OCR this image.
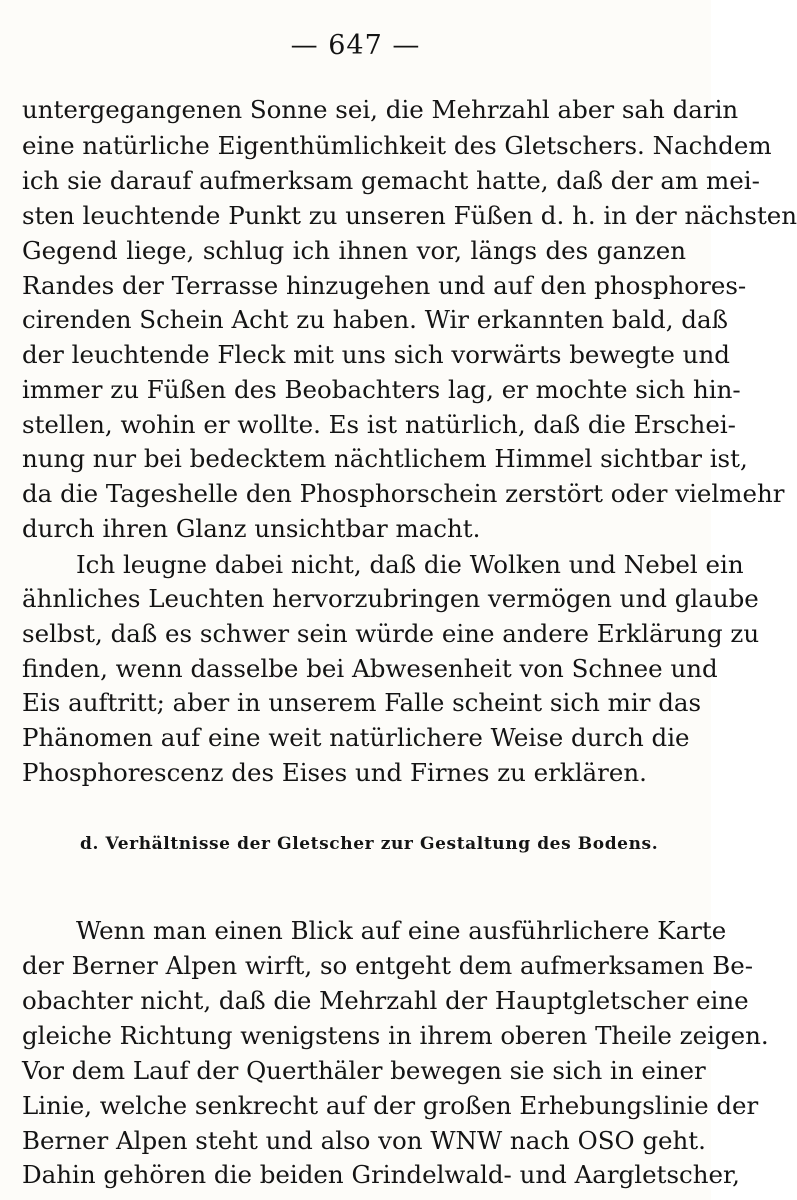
— 647 —
untergegangenen Sonne sei, die Mehrzahl aber sah darin
eine natürliche Eigenthümlichkeit des Gletschers. Nachdem
ich sie darauf aufmerksam gemacht hatte, daß der am mei-
sten leuchtende Punkt zu unseren Füßen d. h. in der nächsten
Gegend liege, schlug ich ihnen vor, längs des ganzen
Randes der Terrasse hinzugehen und auf den phosphores-
cirenden Schein Acht zu haben. Wir erkannten bald, daß
der leuchtende Fleck mit uns sich vorwärts bewegte und
immer zu Füßen des Beobachters lag, er mochte sich hin-
stellen, wohin er wollte. Es ist natürlich, daß die Erschei-
nung nur bei bedecktem nächtlichem Himmel sichtbar ist,
da die Tageshelle den Phosphorschein zerstört oder vielmehr
durch ihren Glanz unsichtbar macht.
Ich leugne dabei nicht, daß die Wolken und Nebel ein
ähnliches Leuchten hervorzubringen vermögen und glaube
selbst, daß es schwer sein würde eine andere Erklärung zu
finden, wenn dasselbe bei Abwesenheit von Schnee und
Eis auftritt; aber in unserem Falle scheint sich mir das
Phänomen auf eine weit natürlichere Weise durch die
Phosphorescenz des Eises und Firnes zu erklären.
d. Verhältnisse der Gletscher zur Gestaltung des Bodens.
Wenn man einen Blick auf eine ausführlichere Karte
der Berner Alpen wirft, so entgeht dem aufmerksamen Be-
obachter nicht, daß die Mehrzahl der Hauptgletscher eine
gleiche Richtung wenigstens in ihrem oberen Theile zeigen.
Vor dem Lauf der Querthäler bewegen sie sich in einer
Linie, welche senkrecht auf der großen Erhebungslinie der
Berner Alpen steht und also von WNW nach OSO geht.
Dahin gehören die beiden Grindelwald- und Aargletscher,
